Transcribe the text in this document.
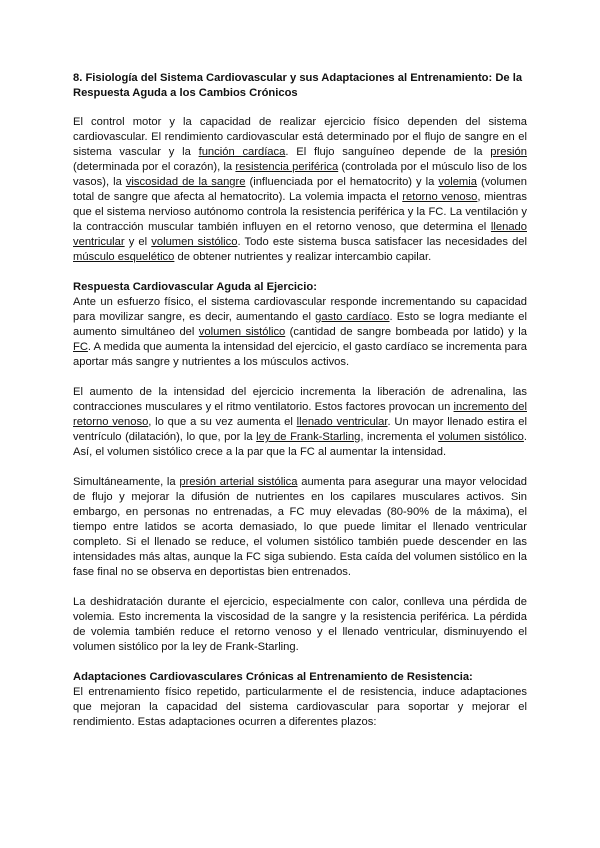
8. Fisiología del Sistema Cardiovascular y sus Adaptaciones al Entrenamiento: De la Respuesta Aguda a los Cambios Crónicos

El control motor y la capacidad de realizar ejercicio físico dependen del sistema cardiovascular. El rendimiento cardiovascular está determinado por el flujo de sangre en el sistema vascular y la función cardíaca. El flujo sanguíneo depende de la presión (determinada por el corazón), la resistencia periférica (controlada por el músculo liso de los vasos), la viscosidad de la sangre (influenciada por el hematocrito) y la volemia (volumen total de sangre que afecta al hematocrito). La volemia impacta el retorno venoso, mientras que el sistema nervioso autónomo controla la resistencia periférica y la FC. La ventilación y la contracción muscular también influyen en el retorno venoso, que determina el llenado ventricular y el volumen sistólico. Todo este sistema busca satisfacer las necesidades del músculo esquelético de obtener nutrientes y realizar intercambio capilar.

Respuesta Cardiovascular Aguda al Ejercicio:

Ante un esfuerzo físico, el sistema cardiovascular responde incrementando su capacidad para movilizar sangre, es decir, aumentando el gasto cardíaco. Esto se logra mediante el aumento simultáneo del volumen sistólico (cantidad de sangre bombeada por latido) y la FC. A medida que aumenta la intensidad del ejercicio, el gasto cardíaco se incrementa para aportar más sangre y nutrientes a los músculos activos.

El aumento de la intensidad del ejercicio incrementa la liberación de adrenalina, las contracciones musculares y el ritmo ventilatorio. Estos factores provocan un incremento del retorno venoso, lo que a su vez aumenta el llenado ventricular. Un mayor llenado estira el ventrículo (dilatación), lo que, por la ley de Frank-Starling, incrementa el volumen sistólico. Así, el volumen sistólico crece a la par que la FC al aumentar la intensidad.

Simultáneamente, la presión arterial sistólica aumenta para asegurar una mayor velocidad de flujo y mejorar la difusión de nutrientes en los capilares musculares activos. Sin embargo, en personas no entrenadas, a FC muy elevadas (80-90% de la máxima), el tiempo entre latidos se acorta demasiado, lo que puede limitar el llenado ventricular completo. Si el llenado se reduce, el volumen sistólico también puede descender en las intensidades más altas, aunque la FC siga subiendo. Esta caída del volumen sistólico en la fase final no se observa en deportistas bien entrenados.

La deshidratación durante el ejercicio, especialmente con calor, conlleva una pérdida de volemia. Esto incrementa la viscosidad de la sangre y la resistencia periférica. La pérdida de volemia también reduce el retorno venoso y el llenado ventricular, disminuyendo el volumen sistólico por la ley de Frank-Starling.

Adaptaciones Cardiovasculares Crónicas al Entrenamiento de Resistencia:

El entrenamiento físico repetido, particularmente el de resistencia, induce adaptaciones que mejoran la capacidad del sistema cardiovascular para soportar y mejorar el rendimiento. Estas adaptaciones ocurren a diferentes plazos:
